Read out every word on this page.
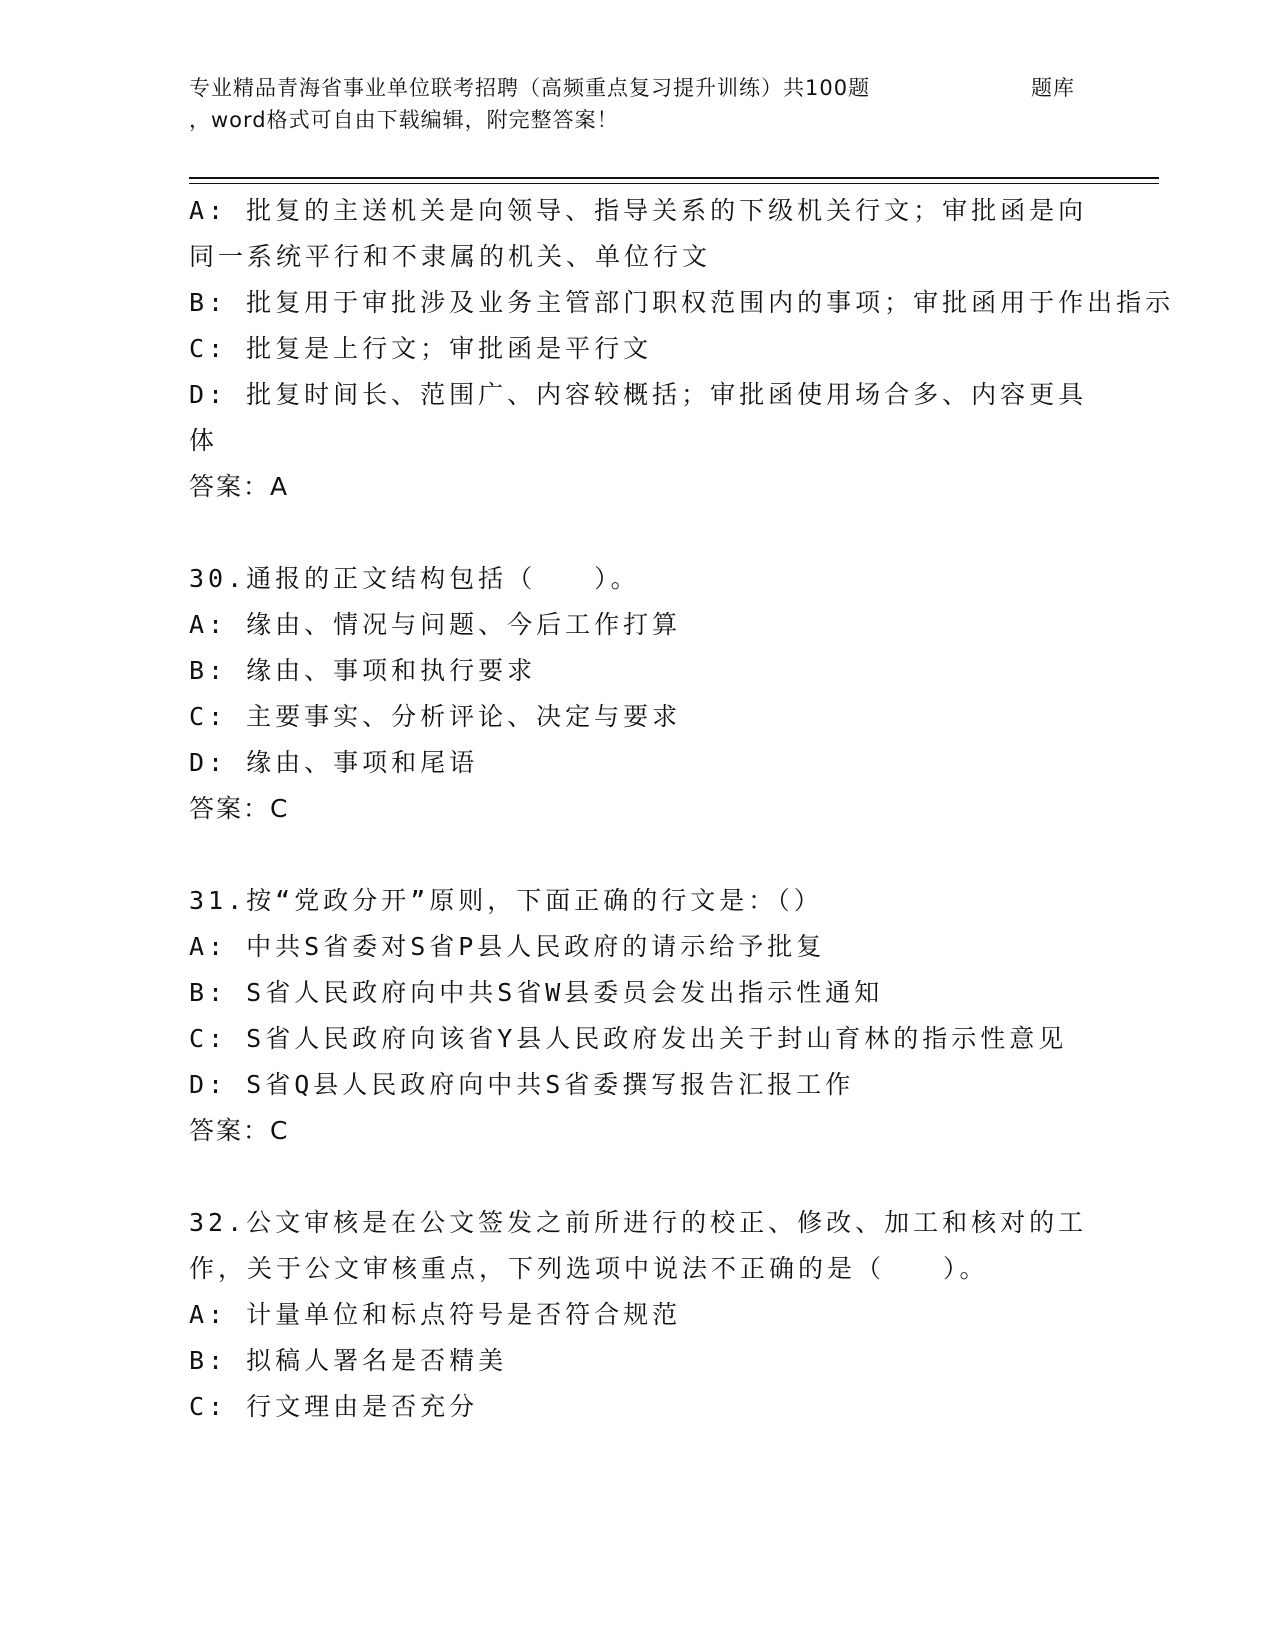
专业精品青海省事业单位联考招聘（高频重点复习提升训练）共100题	题库
，word格式可自由下载编辑，附完整答案！
A: 批复的主送机关是向领导、指导关系的下级机关行文；审批函是向同一系统平行和不隶属的机关、单位行文
B: 批复用于审批涉及业务主管部门职权范围内的事项；审批函用于作出指示
C: 批复是上行文；审批函是平行文
D: 批复时间长、范围广、内容较概括；审批函使用场合多、内容更具体
答案：A
30.通报的正文结构包括（　　）。
A: 缘由、情况与问题、今后工作打算
B: 缘由、事项和执行要求
C: 主要事实、分析评论、决定与要求
D: 缘由、事项和尾语
答案：C
31.按“党政分开”原则，下面正确的行文是：（）
A: 中共S省委对S省P县人民政府的请示给予批复
B: S省人民政府向中共S省W县委员会发出指示性通知
C: S省人民政府向该省Y县人民政府发出关于封山育林的指示性意见
D: S省Q县人民政府向中共S省委撰写报告汇报工作
答案：C
32.公文审核是在公文签发之前所进行的校正、修改、加工和核对的工作，关于公文审核重点，下列选项中说法不正确的是（　　）。
A: 计量单位和标点符号是否符合规范
B: 拟稿人署名是否精美
C: 行文理由是否充分
